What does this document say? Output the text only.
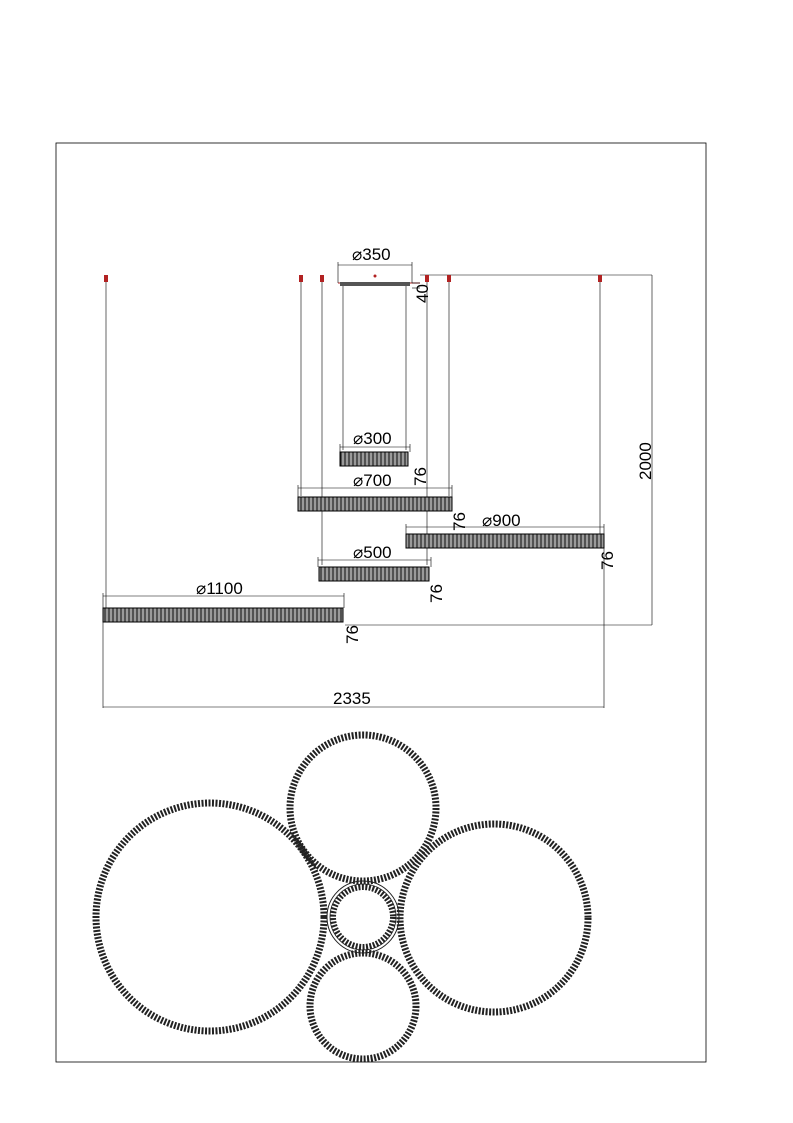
⌀350
40
⌀300
76
⌀700
76 ⌀900
76
⌀500
76
⌀1100
76
2000
2335
